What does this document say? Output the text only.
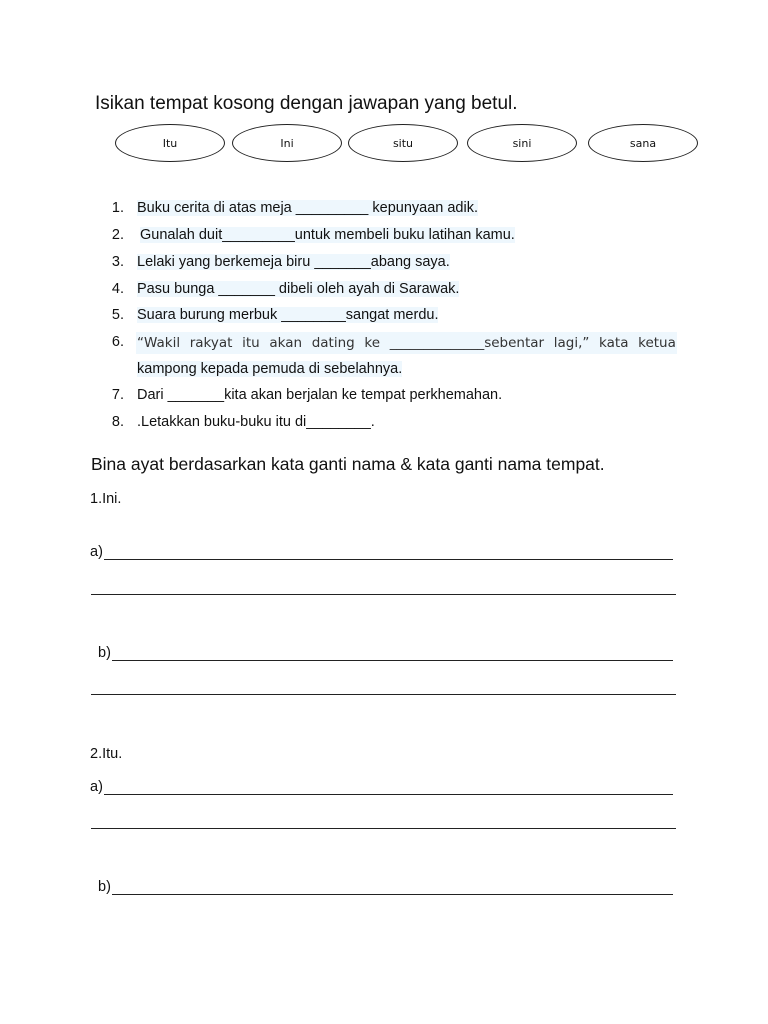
Isikan tempat kosong dengan jawapan yang betul.
Itu	Ini	situ	sini	sana
1. Buku cerita di atas meja _________ kepunyaan adik.
2. Gunalah duit_________untuk membeli buku latihan kamu.
3. Lelaki yang berkemeja biru _______abang saya.
4. Pasu bunga _______ dibeli oleh ayah di Sarawak.
5. Suara burung merbuk ________sangat merdu.
6. “Wakil rakyat itu akan dating ke ______________sebentar lagi,” kata ketua
kampong kepada pemuda di sebelahnya.
7. Dari _______kita akan berjalan ke tempat perkhemahan.
8. .Letakkan buku-buku itu di________.
Bina ayat berdasarkan kata ganti nama & kata ganti nama tempat.
1.Ini.
a)
b)
2.Itu.
a)
b)
